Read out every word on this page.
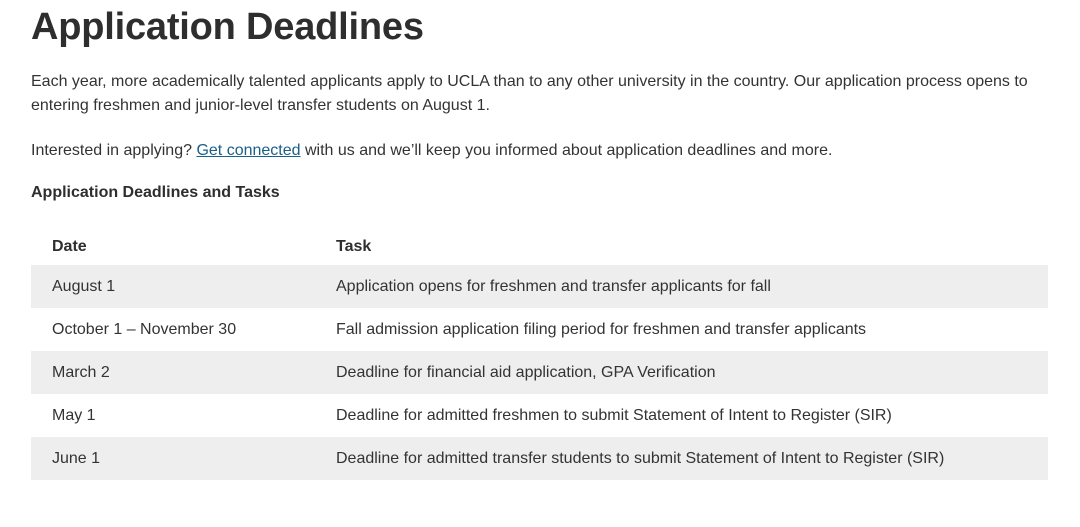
Application Deadlines

Each year, more academically talented applicants apply to UCLA than to any other university in the country. Our application process opens to entering freshmen and junior-level transfer students on August 1.

Interested in applying? Get connected with us and we’ll keep you informed about application deadlines and more.

Application Deadlines and Tasks
Date	Task
August 1	Application opens for freshmen and transfer applicants for fall
October 1 – November 30	Fall admission application filing period for freshmen and transfer applicants
March 2	Deadline for financial aid application, GPA Verification
May 1	Deadline for admitted freshmen to submit Statement of Intent to Register (SIR)
June 1	Deadline for admitted transfer students to submit Statement of Intent to Register (SIR)
